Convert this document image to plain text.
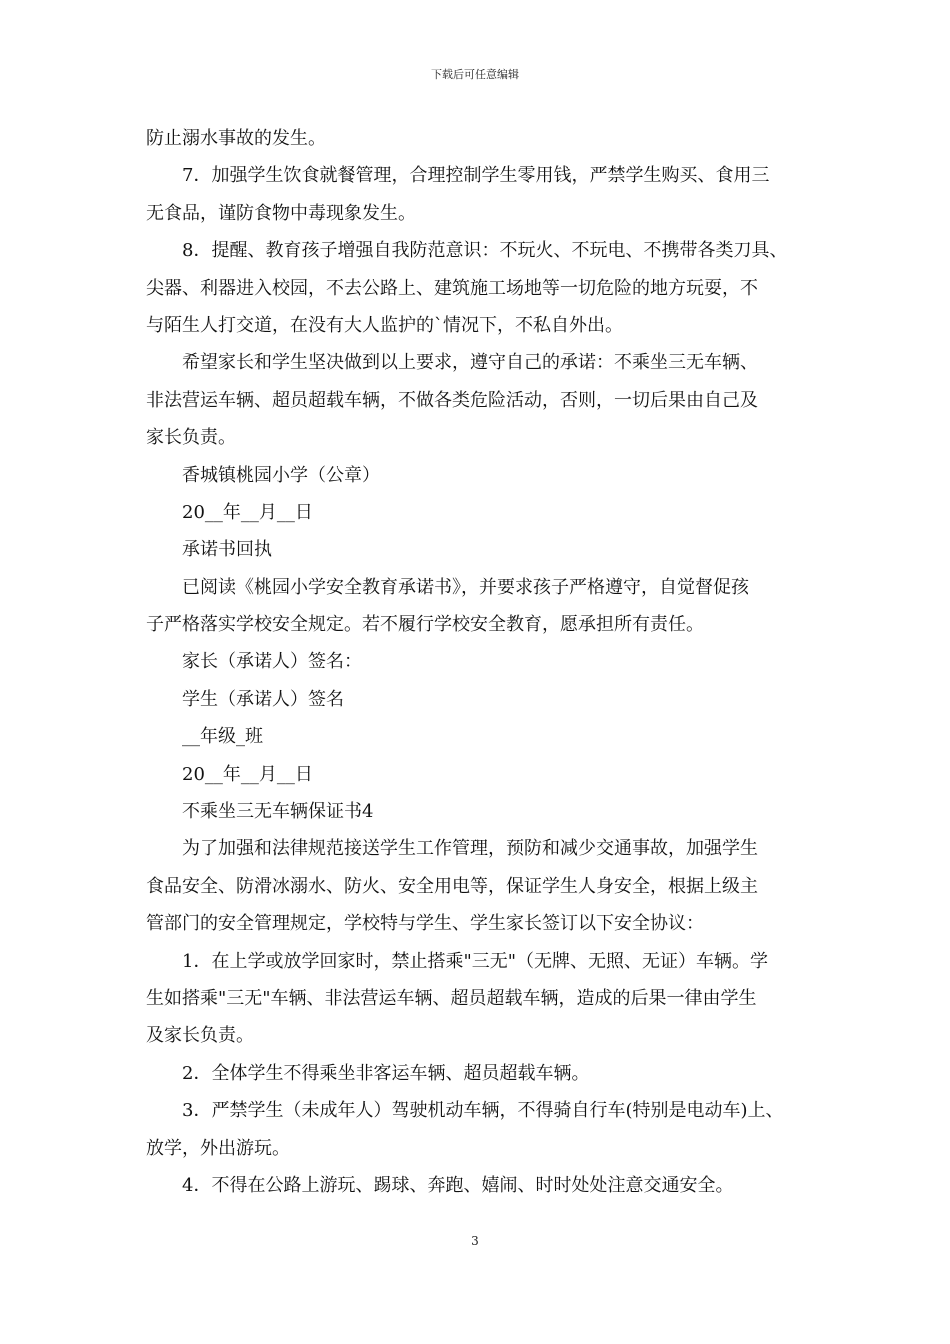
下载后可任意编辑
防止溺水事故的发生。
7．加强学生饮食就餐管理，合理控制学生零用钱，严禁学生购买、食用三
无食品，谨防食物中毒现象发生。
8．提醒、教育孩子增强自我防范意识：不玩火、不玩电、不携带各类刀具、
尖器、利器进入校园，不去公路上、建筑施工场地等一切危险的地方玩耍，不
与陌生人打交道，在没有大人监护的`情况下，不私自外出。
希望家长和学生坚决做到以上要求，遵守自己的承诺：不乘坐三无车辆、
非法营运车辆、超员超载车辆，不做各类危险活动，否则，一切后果由自己及
家长负责。
香城镇桃园小学（公章）
20__年__月__日
承诺书回执
已阅读《桃园小学安全教育承诺书》，并要求孩子严格遵守，自觉督促孩
子严格落实学校安全规定。若不履行学校安全教育，愿承担所有责任。
家长（承诺人）签名：
学生（承诺人）签名
__年级_班
20__年__月__日
不乘坐三无车辆保证书4
为了加强和法律规范接送学生工作管理，预防和减少交通事故，加强学生
食品安全、防滑冰溺水、防火、安全用电等，保证学生人身安全，根据上级主
管部门的安全管理规定，学校特与学生、学生家长签订以下安全协议：
1．在上学或放学回家时，禁止搭乘"三无"（无牌、无照、无证）车辆。学
生如搭乘"三无"车辆、非法营运车辆、超员超载车辆，造成的后果一律由学生
及家长负责。
2．全体学生不得乘坐非客运车辆、超员超载车辆。
3．严禁学生（未成年人）驾驶机动车辆，不得骑自行车(特别是电动车)上、
放学，外出游玩。
4．不得在公路上游玩、踢球、奔跑、嬉闹、时时处处注意交通安全。
3
